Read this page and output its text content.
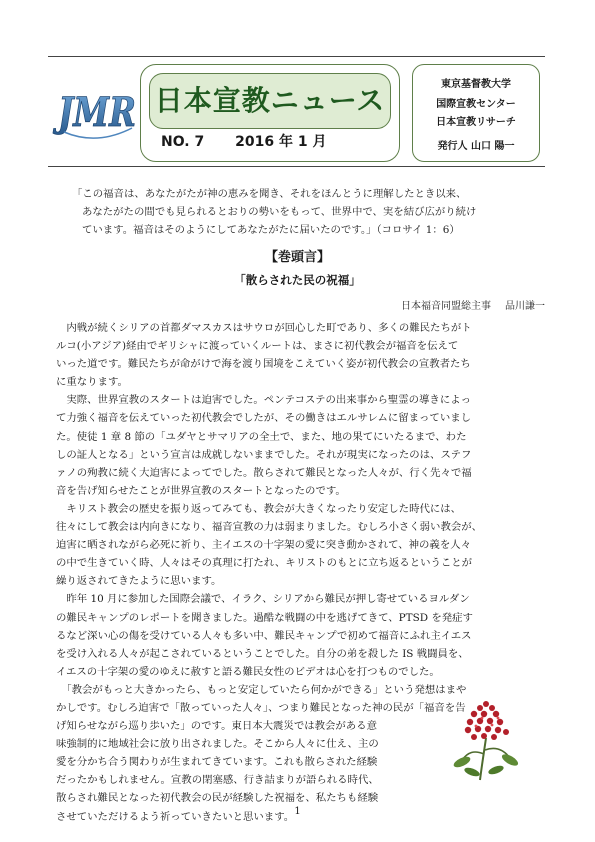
JMR 日本宣教ニュース
NO. 7 2016 年 1 月
東京基督教大学
国際宣教センター
日本宣教リサーチ
発行人 山口 陽一
「この福音は、あなたがたが神の恵みを聞き、それをほんとうに理解したとき以来、
あなたがたの間でも見られるとおりの勢いをもって、世界中で、実を結び広がり続け
ています。福音はそのようにしてあなたがたに届いたのです。」（コロサイ 1：6）
【巻頭言】
「散らされた民の祝福」
日本福音同盟総主事 品川謙一
　内戦が続くシリアの首都ダマスカスはサウロが回心した町であり、多くの難民たちがト
ルコ(小アジア)経由でギリシャに渡っていくルートは、まさに初代教会が福音を伝えて
いった道です。難民たちが命がけで海を渡り国境をこえていく姿が初代教会の宣教者たち
に重なります。
　実際、世界宣教のスタートは迫害でした。ペンテコステの出来事から聖霊の導きによっ
て力強く福音を伝えていった初代教会でしたが、その働きはエルサレムに留まっていまし
た。使徒 1 章 8 節の「ユダヤとサマリアの全土で、また、地の果てにいたるまで、わた
しの証人となる」という宣言は成就しないままでした。それが現実になったのは、ステフ
ァノの殉教に続く大迫害によってでした。散らされて難民となった人々が、行く先々で福
音を告げ知らせたことが世界宣教のスタートとなったのです。
　キリスト教会の歴史を振り返ってみても、教会が大きくなったり安定した時代には、
往々にして教会は内向きになり、福音宣教の力は弱まりました。むしろ小さく弱い教会が、
迫害に晒されながら必死に祈り、主イエスの十字架の愛に突き動かされて、神の義を人々
の中で生きていく時、人々はその真理に打たれ、キリストのもとに立ち返るということが
繰り返されてきたように思います。
　昨年 10 月に参加した国際会議で、イラク、シリアから難民が押し寄せているヨルダン
の難民キャンプのレポートを聞きました。過酷な戦闘の中を逃げてきて、PTSD を発症す
るなど深い心の傷を受けている人々も多い中、難民キャンプで初めて福音にふれ主イエス
を受け入れる人々が起こされているということでした。自分の弟を殺した IS 戦闘員を、
イエスの十字架の愛のゆえに赦すと語る難民女性のビデオは心を打つものでした。
　「教会がもっと大きかったら、もっと安定していたら何かができる」という発想はまや
かしです。むしろ迫害で「散っていった人々」、つまり難民となった神の民が「福音を告
げ知らせながら巡り歩いた」のです。東日本大震災では教会がある意
味強制的に地域社会に放り出されました。そこから人々に仕え、主の
愛を分かち合う関わりが生まれてきています。これも散らされた経験
だったかもしれません。宣教の閉塞感、行き詰まりが語られる時代、
散らされ難民となった初代教会の民が経験した祝福を、私たちも経験
させていただけるよう祈っていきたいと思います。 1
